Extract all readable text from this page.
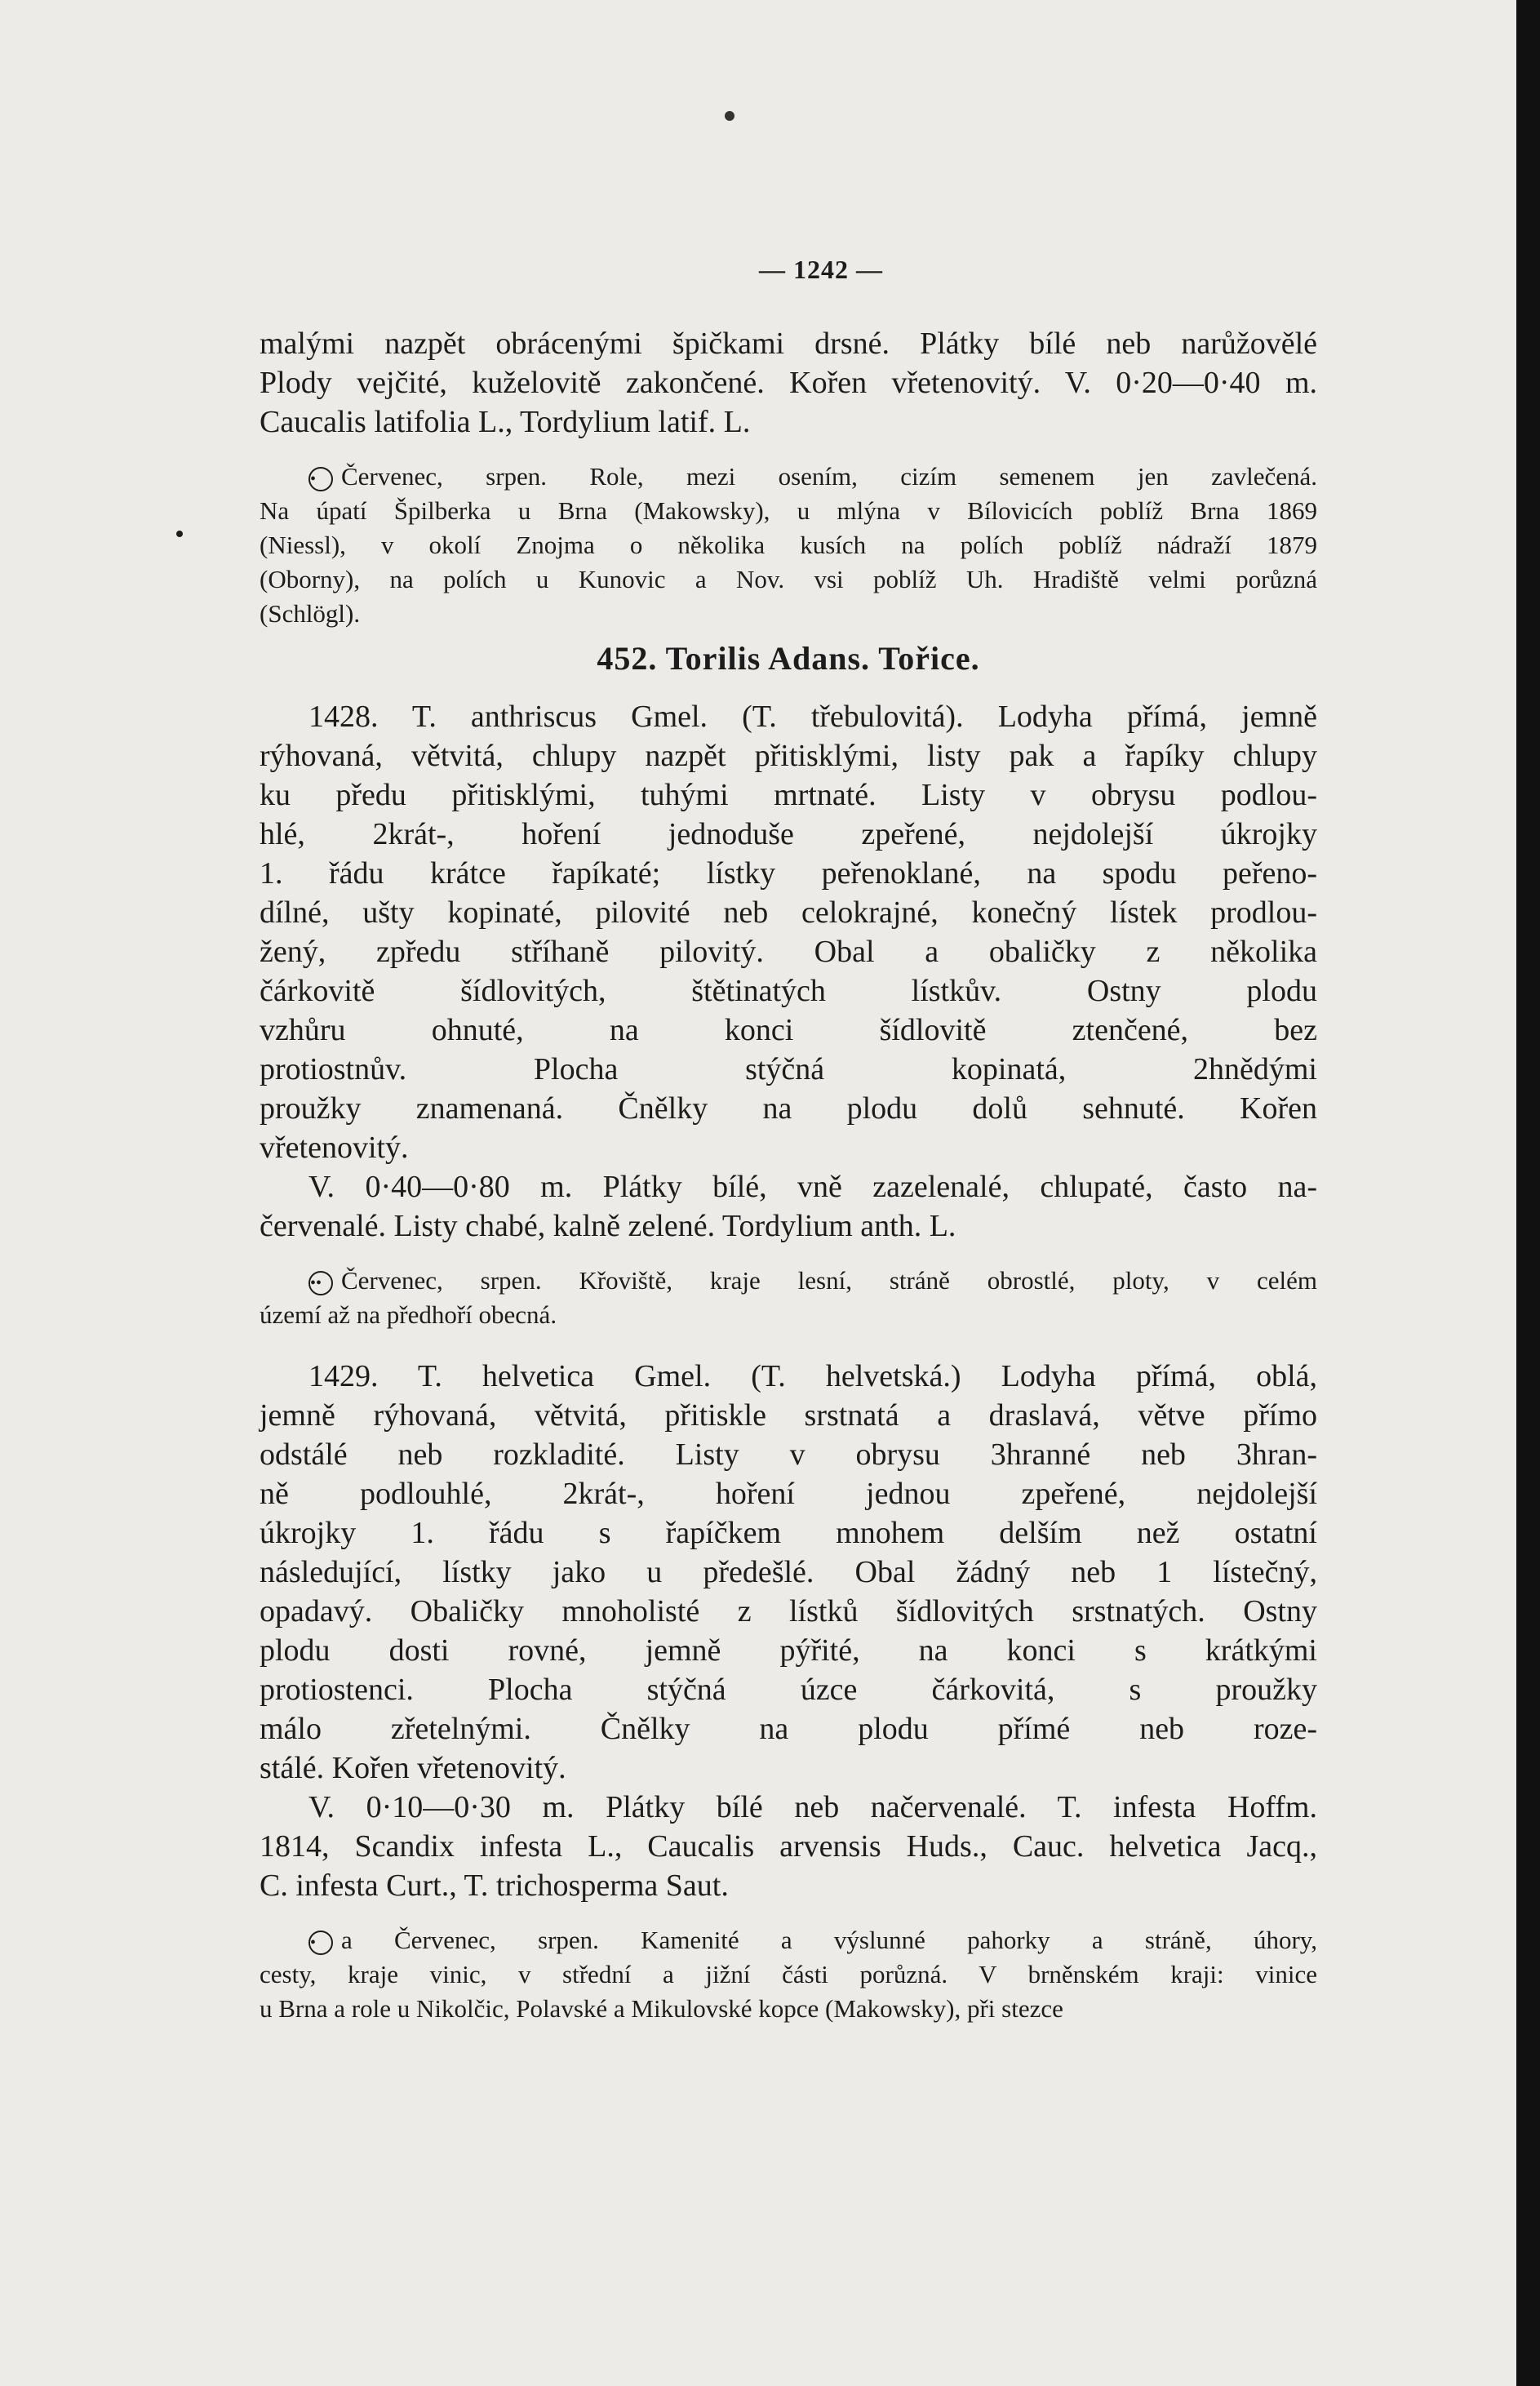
— 1242 —
malými nazpět obrácenými špičkami drsné. Plátky bílé neb narůžovělé
Plody vejčité, kuželovitě zakončené. Kořen vřetenovitý. V. 0·20—0·40 m.
Caucalis latifolia L., Tordylium latif. L.
• Červenec, srpen. Role, mezi osením, cizím semenem jen zavlečená.
Na úpatí Špilberka u Brna (Makowsky), u mlýna v Bílovicích poblíž Brna 1869
(Niessl), v okolí Znojma o několika kusích na polích poblíž nádraží 1879
(Oborny), na polích u Kunovic a Nov. vsi poblíž Uh. Hradiště velmi porůzná
(Schlögl).
452. Torilis Adans. Tořice.
1428. T. anthriscus Gmel. (T. třebulovitá). Lodyha přímá, jemně
rýhovaná, větvitá, chlupy nazpět přitisklými, listy pak a řapíky chlupy
ku předu přitisklými, tuhými mrtnaté. Listy v obrysu podlou-
hlé, 2krát-, hoření jednoduše zpeřené, nejdolejší úkrojky
1. řádu krátce řapíkaté; lístky peřenoklané, na spodu peřeno-
dílné, ušty kopinaté, pilovité neb celokrajné, konečný lístek prodlou-
žený, zpředu stříhaně pilovitý. Obal a obaličky z několika
čárkovitě šídlovitých, štětinatých lístkův. Ostny plodu
vzhůru ohnuté, na konci šídlovitě ztenčené, bez
protiostnův. Plocha stýčná kopinatá, 2hnědými
proužky znamenaná. Čnělky na plodu dolů sehnuté. Kořen
vřetenovitý.
V. 0·40—0·80 m. Plátky bílé, vně zazelenalé, chlupaté, často na-
červenalé. Listy chabé, kalně zelené. Tordylium anth. L.
•• Červenec, srpen. Křoviště, kraje lesní, stráně obrostlé, ploty, v celém
území až na předhoří obecná.
1429. T. helvetica Gmel. (T. helvetská.) Lodyha přímá, oblá,
jemně rýhovaná, větvitá, přitiskle srstnatá a draslavá, větve přímo
odstálé neb rozkladité. Listy v obrysu 3hranné neb 3hran-
ně podlouhlé, 2krát-, hoření jednou zpeřené, nejdolejší
úkrojky 1. řádu s řapíčkem mnohem delším než ostatní
následující, lístky jako u předešlé. Obal žádný neb 1 lístečný,
opadavý. Obaličky mnoholisté z lístků šídlovitých srstnatých. Ostny
plodu dosti rovné, jemně pýřité, na konci s krátkými
protiostenci. Plocha stýčná úzce čárkovitá, s proužky
málo zřetelnými. Čnělky na plodu přímé neb roze-
stálé. Kořen vřetenovitý.
V. 0·10—0·30 m. Plátky bílé neb načervenalé. T. infesta Hoffm.
1814, Scandix infesta L., Caucalis arvensis Huds., Cauc. helvetica Jacq.,
C. infesta Curt., T. trichosperma Saut.
• a Červenec, srpen. Kamenité a výslunné pahorky a stráně, úhory,
cesty, kraje vinic, v střední a jižní části porůzná. V brněnském kraji: vinice
u Brna a role u Nikolčic, Polavské a Mikulovské kopce (Makowsky), při stezce
